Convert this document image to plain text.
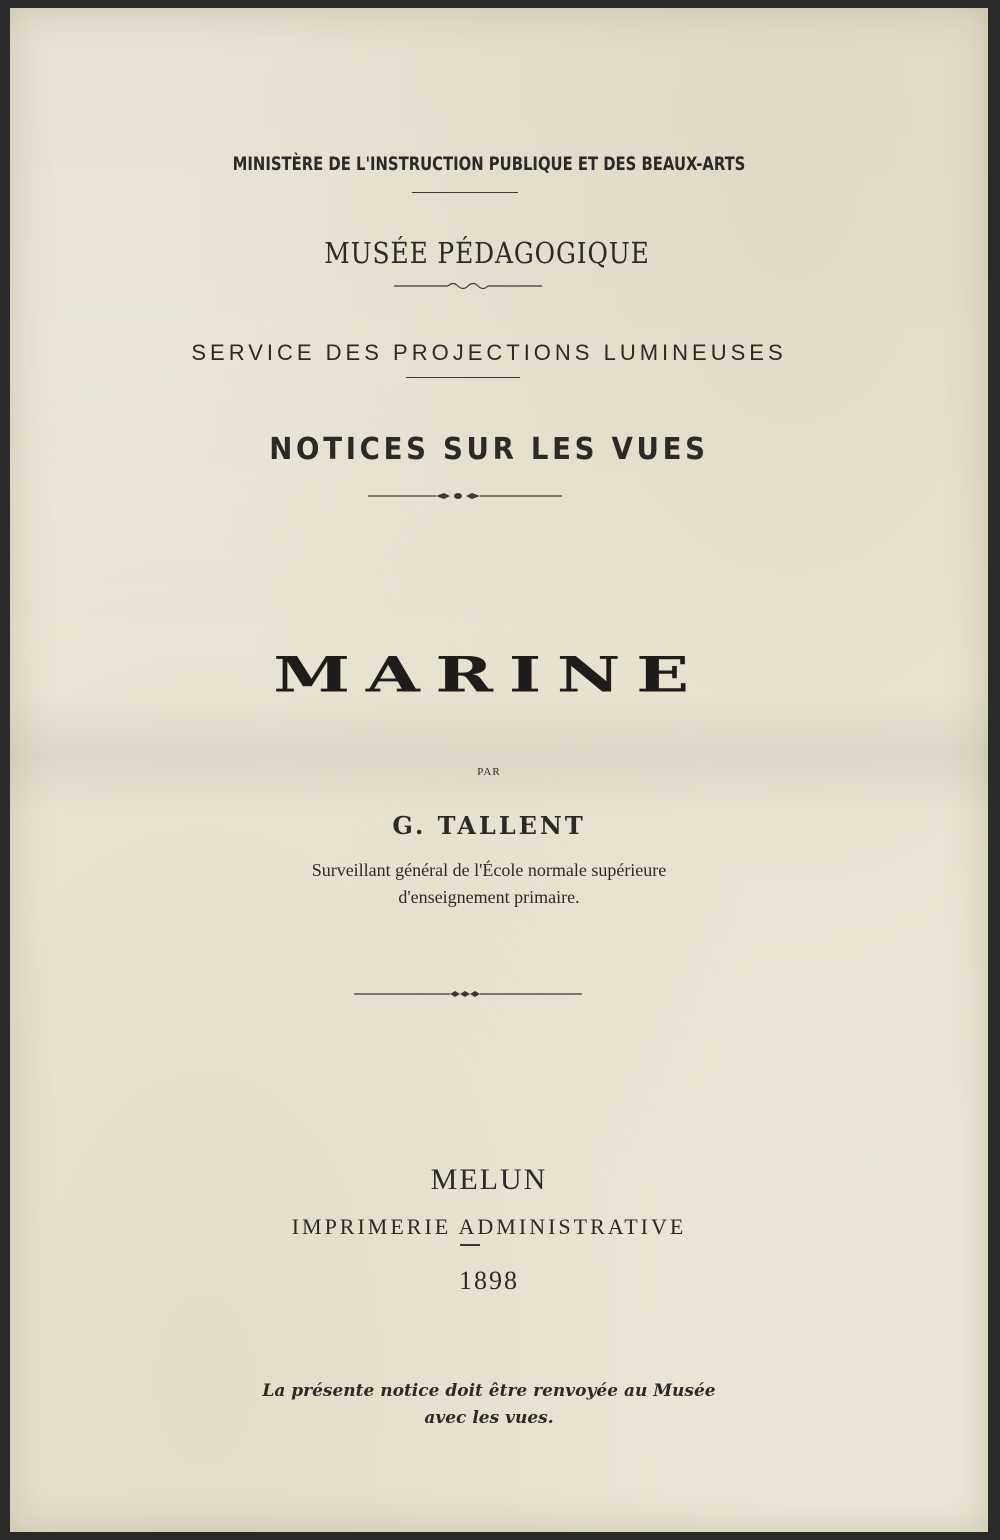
MINISTÈRE DE L'INSTRUCTION PUBLIQUE ET DES BEAUX-ARTS
MUSÉE PÉDAGOGIQUE
SERVICE DES PROJECTIONS LUMINEUSES
NOTICES SUR LES VUES
MARINE
PAR
G. TALLENT
Surveillant général de l'École normale supérieure
d'enseignement primaire.
MELUN
IMPRIMERIE ADMINISTRATIVE
1898
La présente notice doit être renvoyée au Musée
avec les vues.
